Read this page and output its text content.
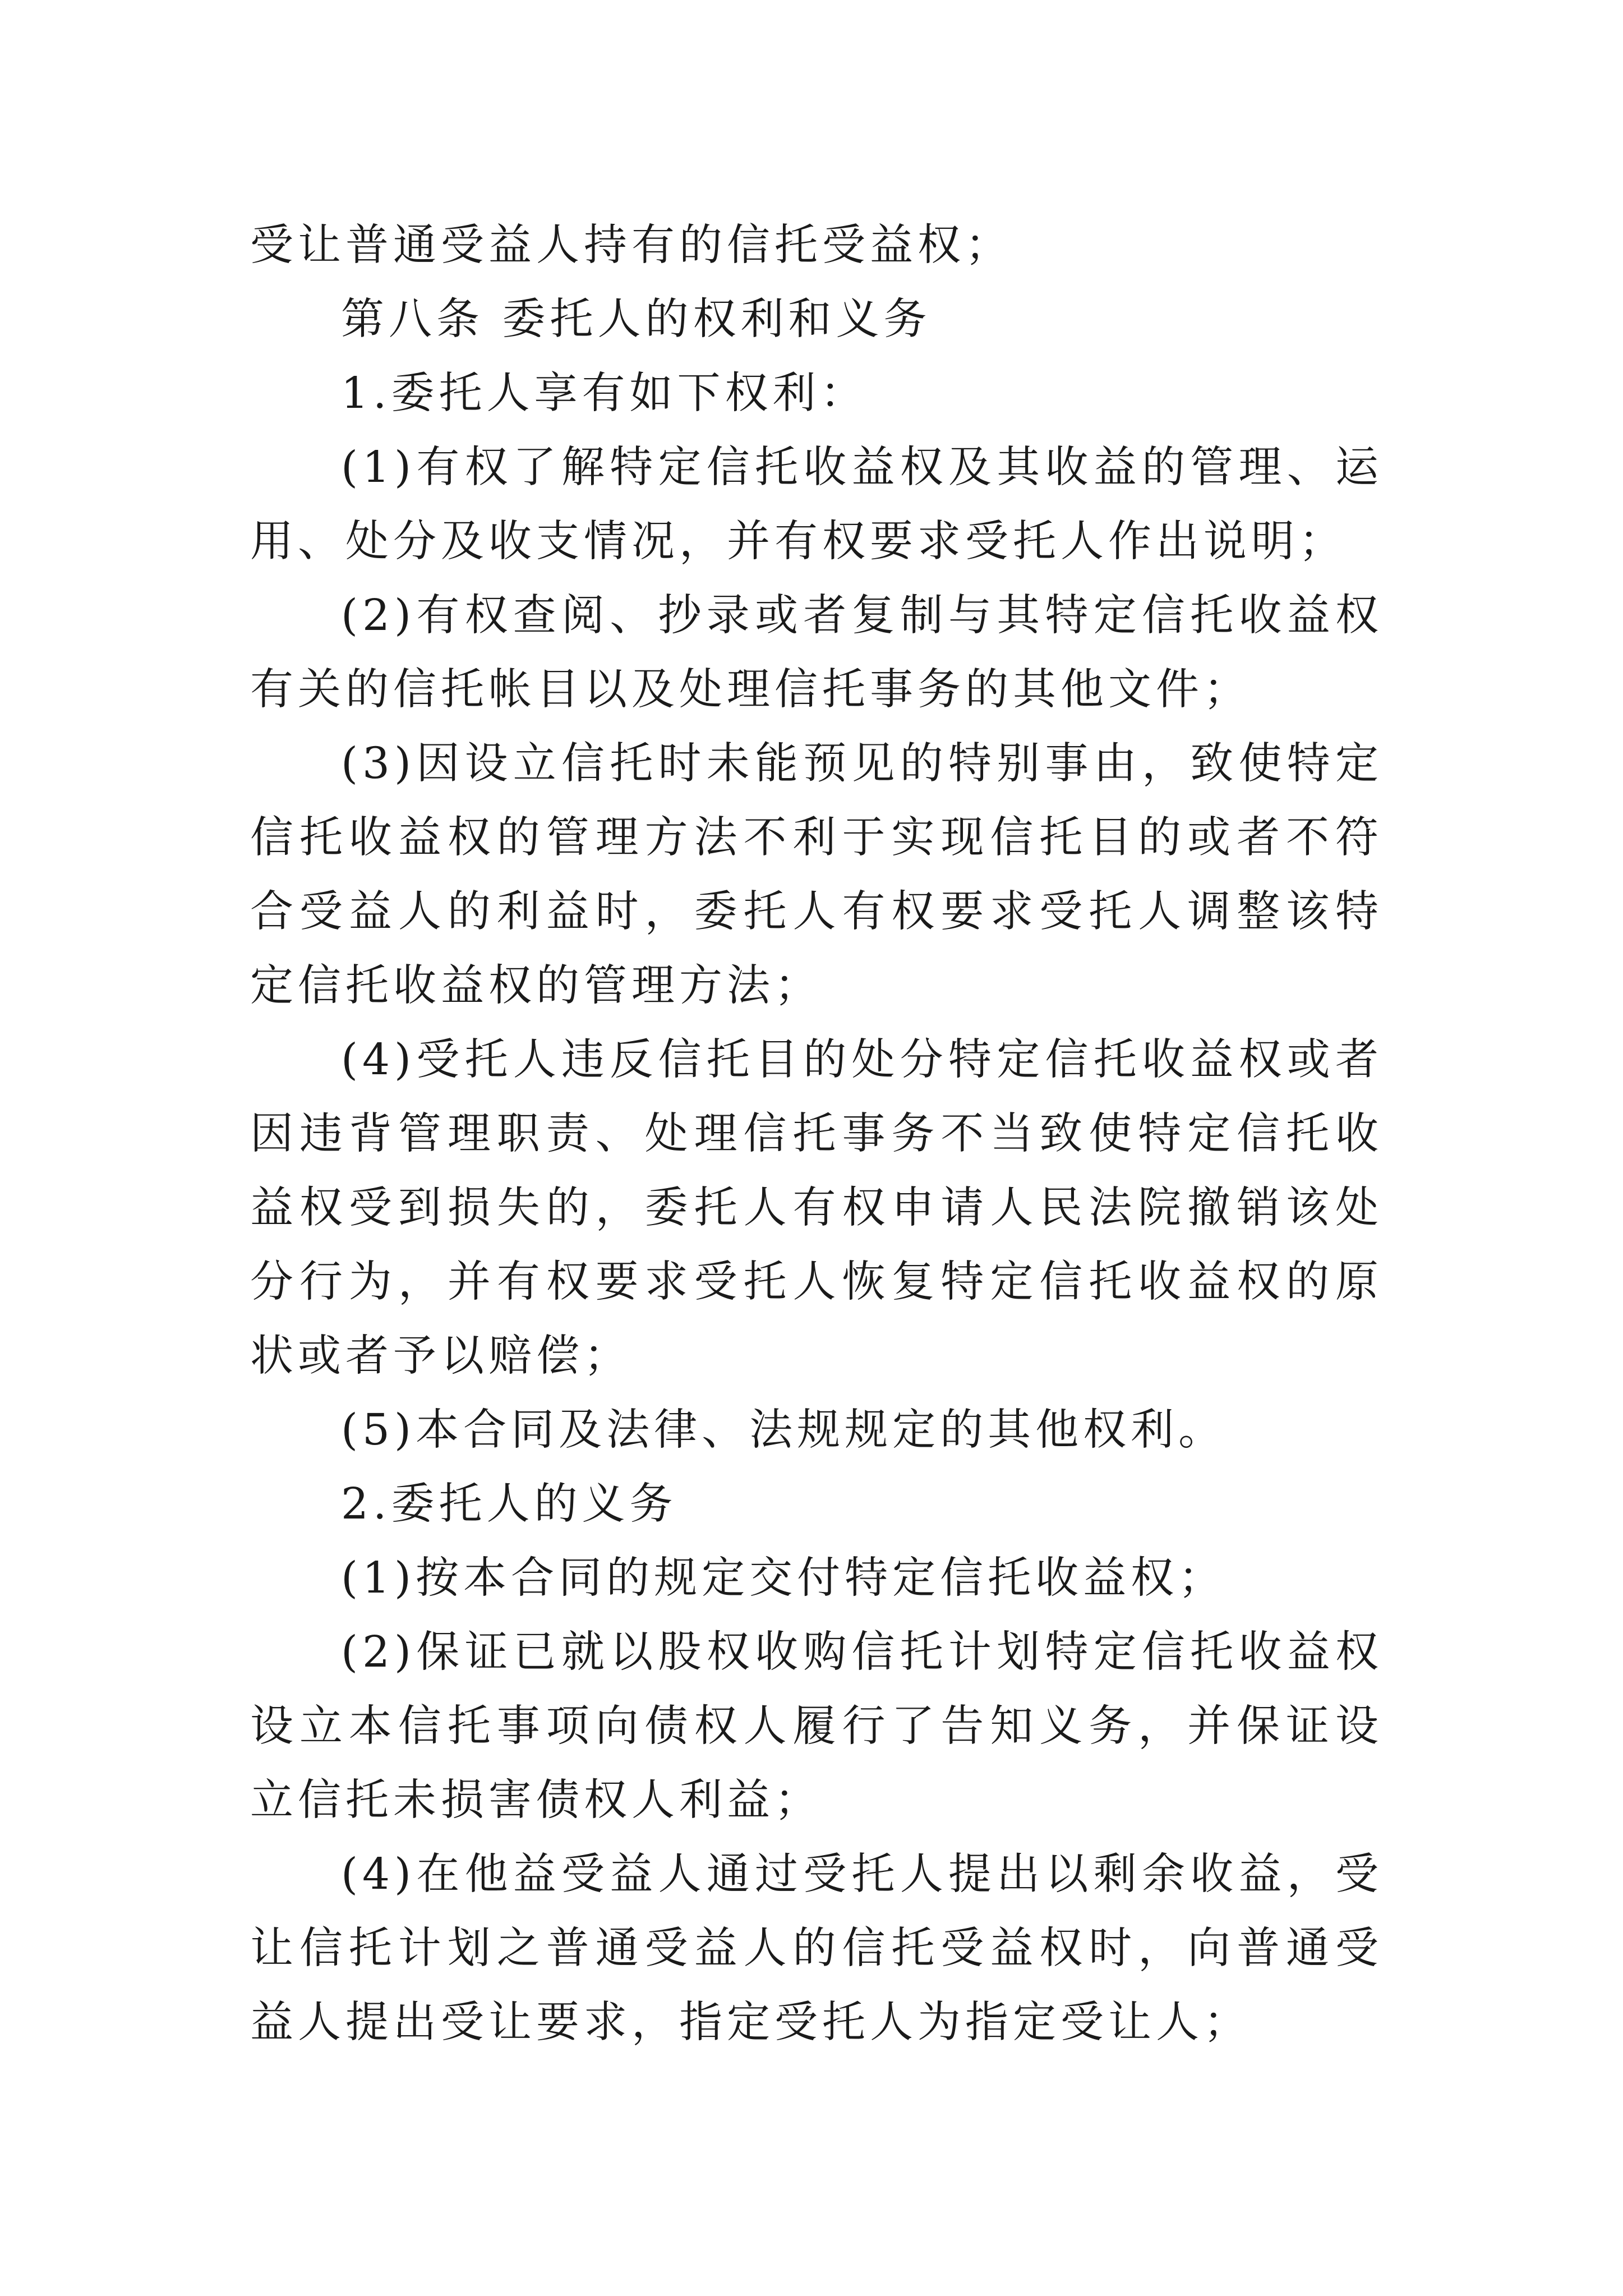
受让普通受益人持有的信托受益权；

第八条 委托人的权利和义务

1.委托人享有如下权利：

(1)有权了解特定信托收益权及其收益的管理、运用、处分及收支情况，并有权要求受托人作出说明；

(2)有权查阅、抄录或者复制与其特定信托收益权有关的信托帐目以及处理信托事务的其他文件；

(3)因设立信托时未能预见的特别事由，致使特定信托收益权的管理方法不利于实现信托目的或者不符合受益人的利益时，委托人有权要求受托人调整该特定信托收益权的管理方法；

(4)受托人违反信托目的处分特定信托收益权或者因违背管理职责、处理信托事务不当致使特定信托收益权受到损失的，委托人有权申请人民法院撤销该处分行为，并有权要求受托人恢复特定信托收益权的原状或者予以赔偿；

(5)本合同及法律、法规规定的其他权利。

2.委托人的义务

(1)按本合同的规定交付特定信托收益权；

(2)保证已就以股权收购信托计划特定信托收益权设立本信托事项向债权人履行了告知义务，并保证设立信托未损害债权人利益；

(4)在他益受益人通过受托人提出以剩余收益，受让信托计划之普通受益人的信托受益权时，向普通受益人提出受让要求，指定受托人为指定受让人；
